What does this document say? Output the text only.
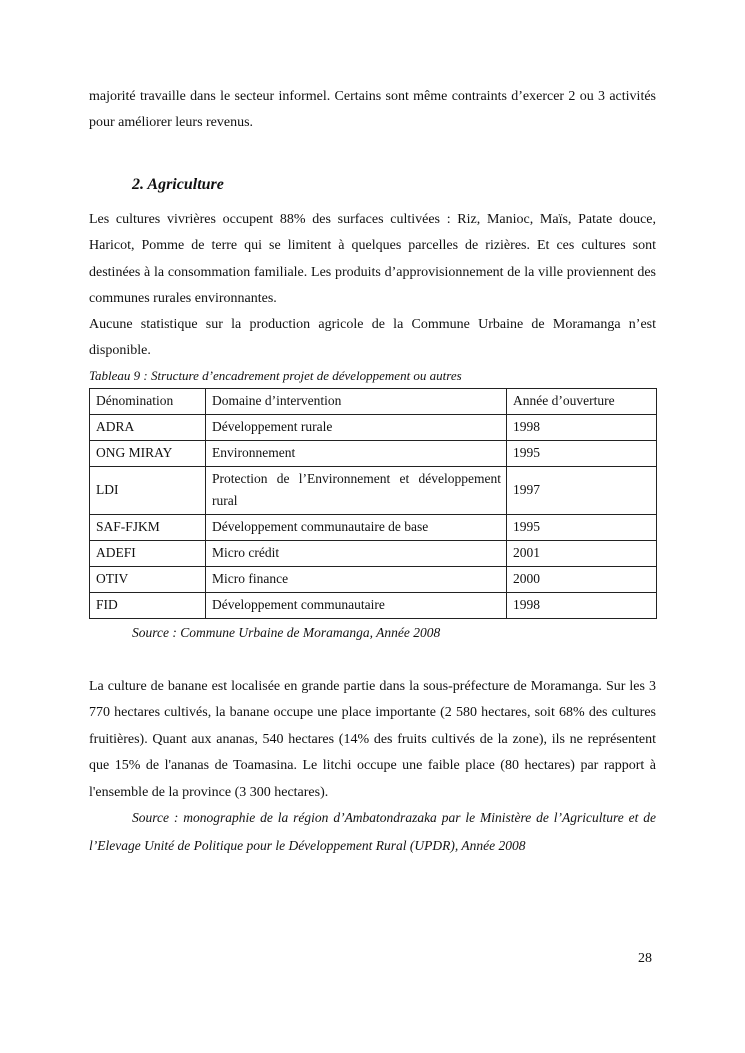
majorité travaille dans le secteur informel. Certains sont même contraints d’exercer 2 ou 3 activités pour améliorer leurs revenus.

2. Agriculture

Les cultures vivrières occupent 88% des surfaces cultivées : Riz, Manioc, Maïs, Patate douce, Haricot, Pomme de terre qui se limitent à quelques parcelles de rizières. Et ces cultures sont destinées à la consommation familiale. Les produits d’approvisionnement de la ville proviennent des communes rurales environnantes.

Aucune statistique sur la production agricole de la Commune Urbaine de Moramanga n’est disponible.

Tableau 9 : Structure d’encadrement projet de développement ou autres

Dénomination	Domaine d’intervention	Année d’ouverture
ADRA	Développement rurale	1998
ONG MIRAY	Environnement	1995
LDI	Protection de l’Environnement et développement rural	1997
SAF-FJKM	Développement communautaire de base	1995
ADEFI	Micro crédit	2001
OTIV	Micro finance	2000
FID	Développement communautaire	1998

Source : Commune Urbaine de Moramanga, Année 2008

La culture de banane est localisée en grande partie dans la sous-préfecture de Moramanga. Sur les 3 770 hectares cultivés, la banane occupe une place importante (2 580 hectares, soit 68% des cultures fruitières). Quant aux ananas, 540 hectares (14% des fruits cultivés de la zone), ils ne représentent que 15% de l'ananas de Toamasina. Le litchi occupe une faible place (80 hectares) par rapport à l'ensemble de la province (3 300 hectares).

Source : monographie de la région d’Ambatondrazaka par le Ministère de l’Agriculture et de l’Elevage Unité de Politique pour le Développement Rural (UPDR), Année 2008

28
